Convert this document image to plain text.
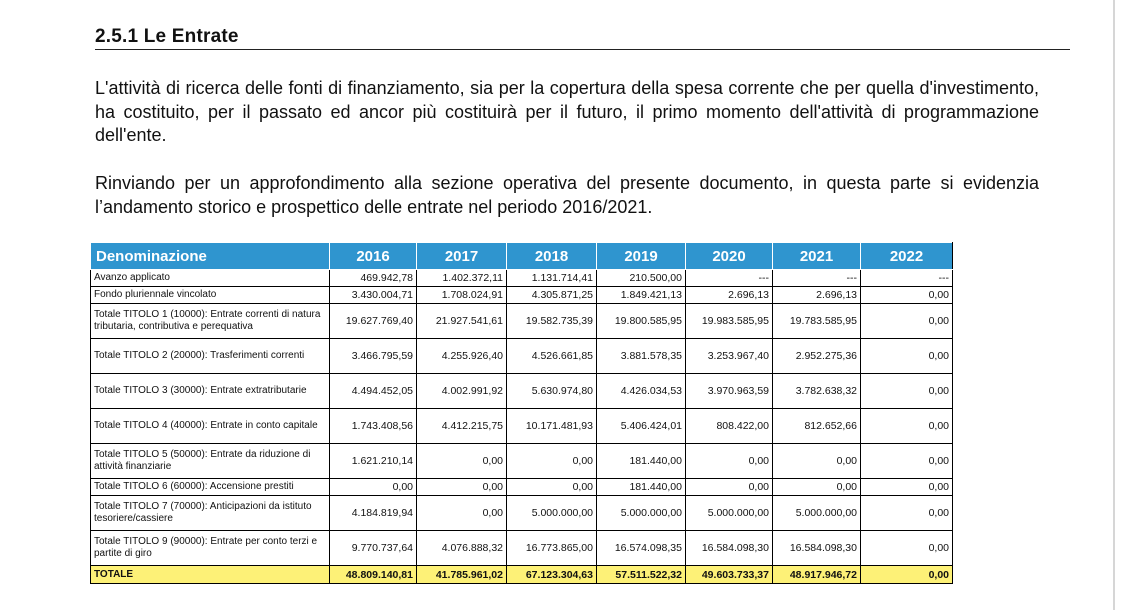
2.5.1 Le Entrate
L'attività di ricerca delle fonti di finanziamento, sia per la copertura della spesa corrente che per quella d'investimento, ha costituito, per il passato ed ancor più costituirà per il futuro, il primo momento dell'attività di programmazione dell'ente.
Rinviando per un approfondimento alla sezione operativa del presente documento, in questa parte si evidenzia l’andamento storico e prospettico delle entrate nel periodo 2016/2021.
Denominazione	2016	2017	2018	2019	2020	2021	2022
Avanzo applicato	469.942,78	1.402.372,11	1.131.714,41	210.500,00	---	---	---
Fondo pluriennale vincolato	3.430.004,71	1.708.024,91	4.305.871,25	1.849.421,13	2.696,13	2.696,13	0,00
Totale TITOLO 1 (10000): Entrate correnti di natura tributaria, contributiva e perequativa	19.627.769,40	21.927.541,61	19.582.735,39	19.800.585,95	19.983.585,95	19.783.585,95	0,00
Totale TITOLO 2 (20000): Trasferimenti correnti	3.466.795,59	4.255.926,40	4.526.661,85	3.881.578,35	3.253.967,40	2.952.275,36	0,00
Totale TITOLO 3 (30000): Entrate extratributarie	4.494.452,05	4.002.991,92	5.630.974,80	4.426.034,53	3.970.963,59	3.782.638,32	0,00
Totale TITOLO 4 (40000): Entrate in conto capitale	1.743.408,56	4.412.215,75	10.171.481,93	5.406.424,01	808.422,00	812.652,66	0,00
Totale TITOLO 5 (50000): Entrate da riduzione di attività finanziarie	1.621.210,14	0,00	0,00	181.440,00	0,00	0,00	0,00
Totale TITOLO 6 (60000): Accensione prestiti	0,00	0,00	0,00	181.440,00	0,00	0,00	0,00
Totale TITOLO 7 (70000): Anticipazioni da istituto tesoriere/cassiere	4.184.819,94	0,00	5.000.000,00	5.000.000,00	5.000.000,00	5.000.000,00	0,00
Totale TITOLO 9 (90000): Entrate per conto terzi e partite di giro	9.770.737,64	4.076.888,32	16.773.865,00	16.574.098,35	16.584.098,30	16.584.098,30	0,00
TOTALE	48.809.140,81	41.785.961,02	67.123.304,63	57.511.522,32	49.603.733,37	48.917.946,72	0,00
